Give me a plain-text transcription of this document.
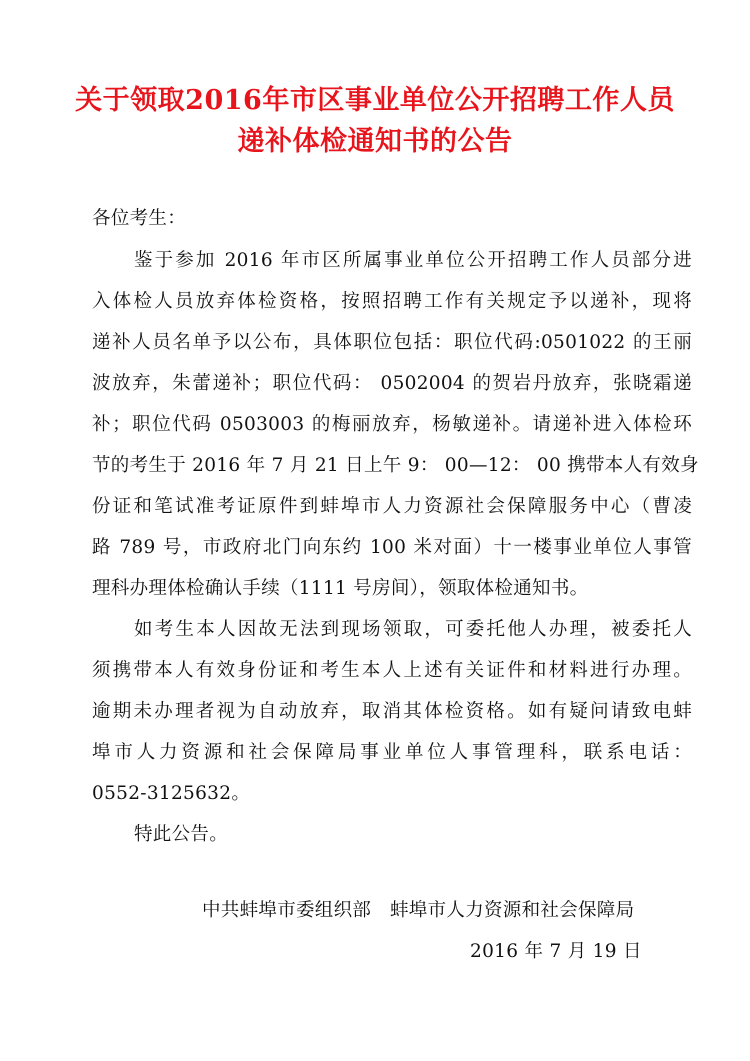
关于领取2016年市区事业单位公开招聘工作人员
递补体检通知书的公告
各位考生：
鉴于参加 2016 年市区所属事业单位公开招聘工作人员部分进
入体检人员放弃体检资格，按照招聘工作有关规定予以递补，现将
递补人员名单予以公布，具体职位包括：职位代码:0501022 的王丽
波放弃，朱蕾递补；职位代码： 0502004 的贺岩丹放弃，张晓霜递
补；职位代码 0503003 的梅丽放弃，杨敏递补。请递补进入体检环
节的考生于 2016 年 7 月 21 日上午 9： 00—12： 00 携带本人有效身
份证和笔试准考证原件到蚌埠市人力资源社会保障服务中心（曹凌
路 789 号，市政府北门向东约 100 米对面）十一楼事业单位人事管
理科办理体检确认手续（1111 号房间），领取体检通知书。
如考生本人因故无法到现场领取，可委托他人办理，被委托人
须携带本人有效身份证和考生本人上述有关证件和材料进行办理。
逾期未办理者视为自动放弃，取消其体检资格。如有疑问请致电蚌
埠市人力资源和社会保障局事业单位人事管理科，联系电话：
0552-3125632。
特此公告。
中共蚌埠市委组织部　蚌埠市人力资源和社会保障局
2016 年 7 月 19 日
